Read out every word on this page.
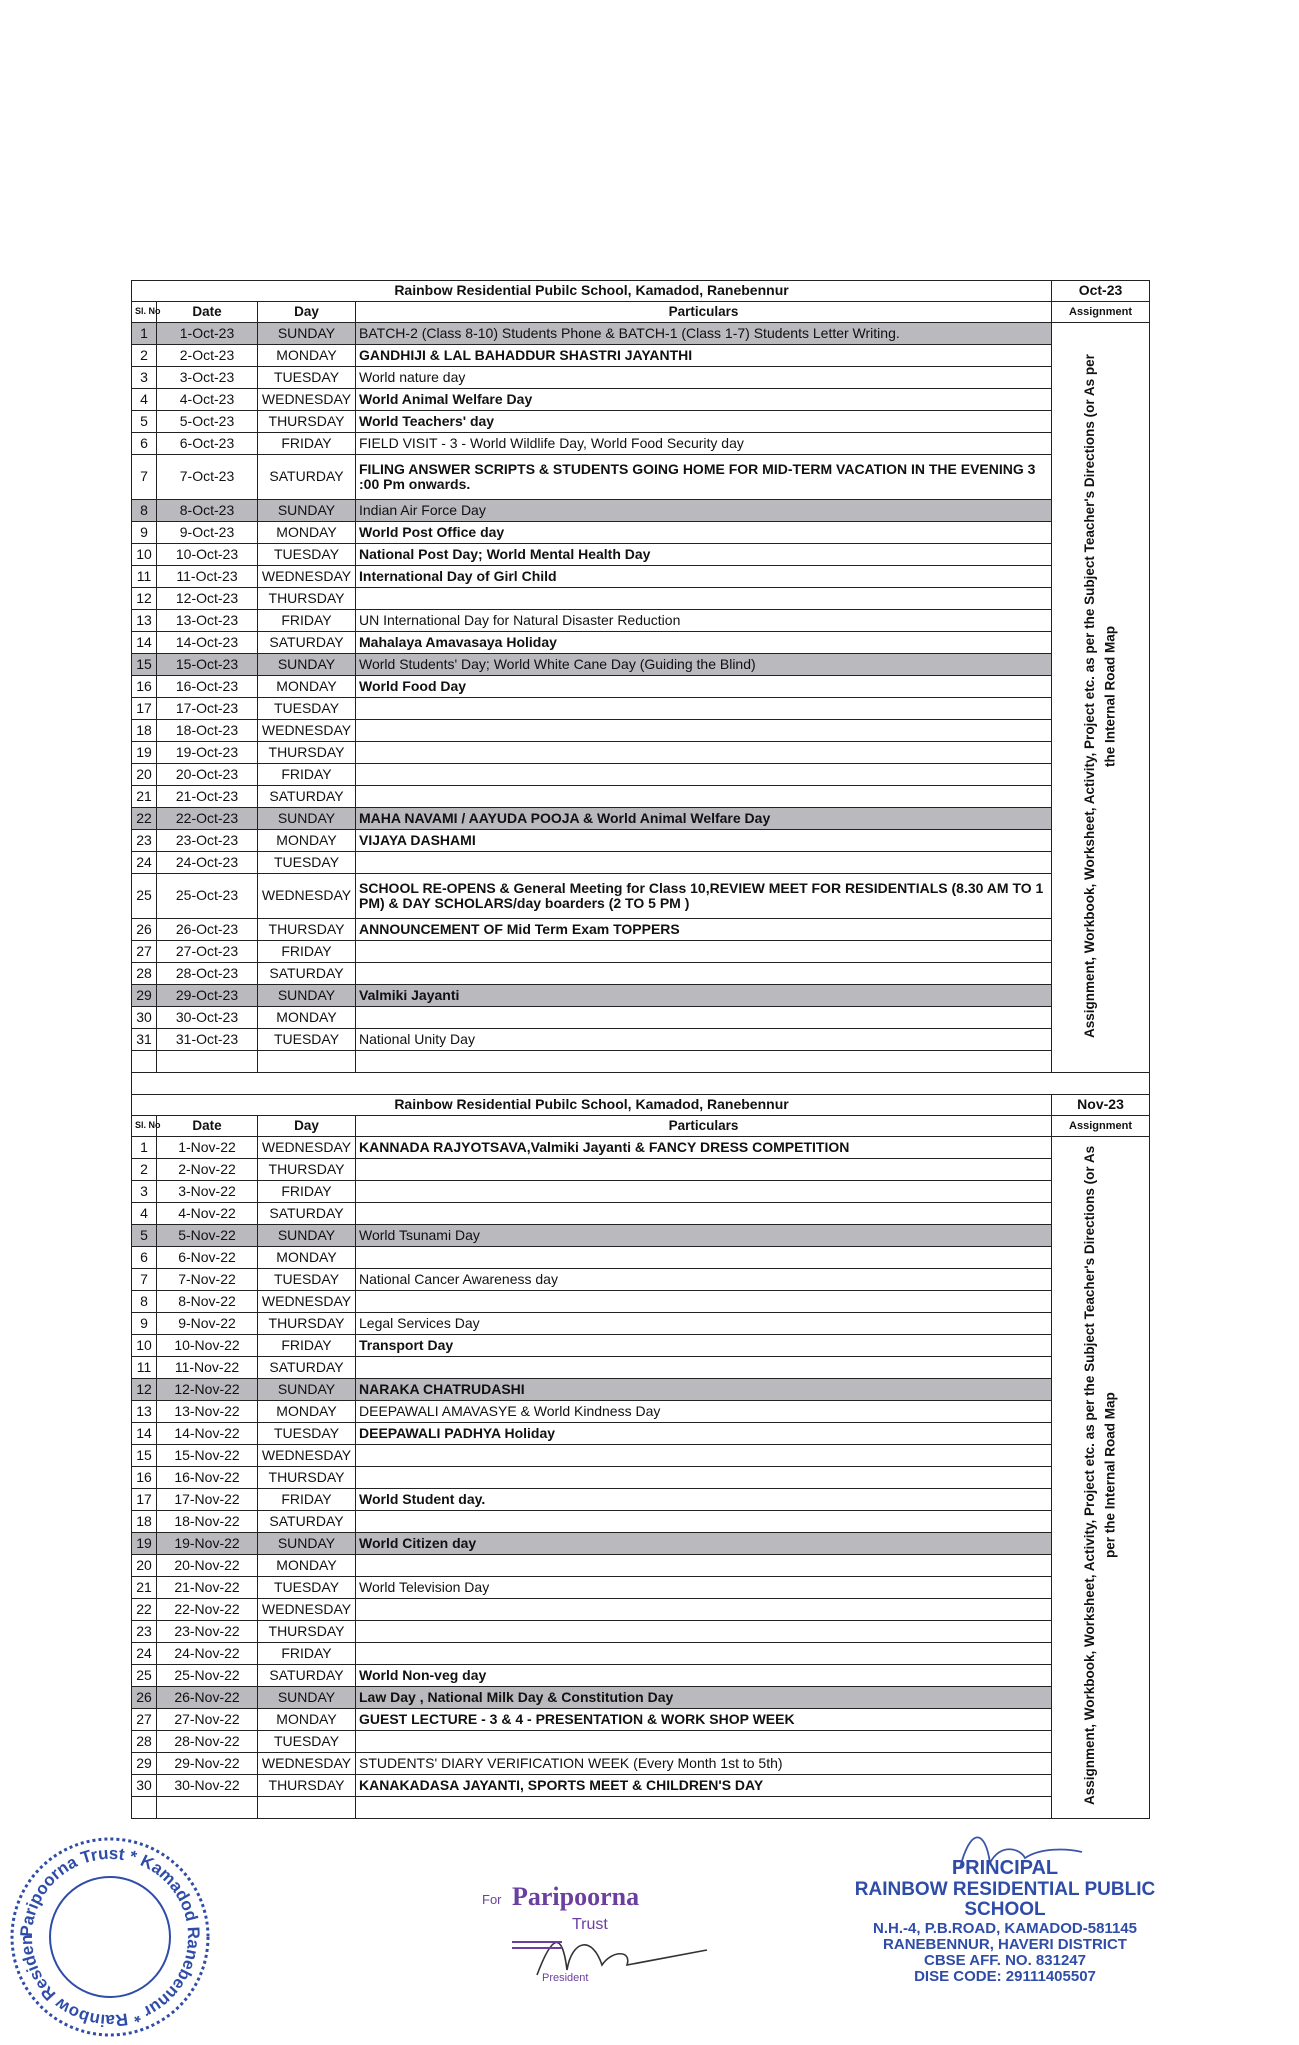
Rainbow Residential Pubilc School, Kamadod, Ranebennur				Oct-23
Sl. No	Date	Day	Particulars	Assignment
1	1-Oct-23	SUNDAY	BATCH-2 (Class 8-10) Students Phone & BATCH-1 (Class 1-7) Students Letter Writing.	Assignment, Workbook, Worksheet, Activity, Project etc. as per the Subject Teacher's Directions (or As per the Internal Road Map
2	2-Oct-23	MONDAY	GANDHIJI & LAL BAHADDUR SHASTRI JAYANTHI	
3	3-Oct-23	TUESDAY	World nature day	
4	4-Oct-23	WEDNESDAY	World Animal Welfare Day	
5	5-Oct-23	THURSDAY	World Teachers' day	
6	6-Oct-23	FRIDAY	FIELD VISIT - 3 - World Wildlife Day, World Food Security day	
7	7-Oct-23	SATURDAY	FILING ANSWER SCRIPTS & STUDENTS GOING HOME FOR MID-TERM VACATION IN THE EVENING 3 :00 Pm onwards.	
8	8-Oct-23	SUNDAY	Indian Air Force Day	
9	9-Oct-23	MONDAY	World Post Office day	
10	10-Oct-23	TUESDAY	National Post Day; World Mental Health Day	
11	11-Oct-23	WEDNESDAY	International Day of Girl Child	
12	12-Oct-23	THURSDAY		
13	13-Oct-23	FRIDAY	UN International Day for Natural Disaster Reduction	
14	14-Oct-23	SATURDAY	Mahalaya Amavasaya Holiday	
15	15-Oct-23	SUNDAY	World Students' Day; World White Cane Day (Guiding the Blind)	
16	16-Oct-23	MONDAY	World Food Day	
17	17-Oct-23	TUESDAY		
18	18-Oct-23	WEDNESDAY		
19	19-Oct-23	THURSDAY		
20	20-Oct-23	FRIDAY		
21	21-Oct-23	SATURDAY		
22	22-Oct-23	SUNDAY	MAHA NAVAMI / AAYUDA POOJA & World Animal Welfare Day	
23	23-Oct-23	MONDAY	VIJAYA DASHAMI	
24	24-Oct-23	TUESDAY		
25	25-Oct-23	WEDNESDAY	SCHOOL RE-OPENS & General Meeting for Class 10,REVIEW MEET FOR RESIDENTIALS (8.30 AM TO 1 PM) & DAY SCHOLARS/day boarders (2 TO 5 PM )	
26	26-Oct-23	THURSDAY	ANNOUNCEMENT OF Mid Term Exam TOPPERS	
27	27-Oct-23	FRIDAY		
28	28-Oct-23	SATURDAY		
29	29-Oct-23	SUNDAY	Valmiki Jayanti	
30	30-Oct-23	MONDAY		
31	31-Oct-23	TUESDAY	National Unity Day	

Rainbow Residential Pubilc School, Kamadod, Ranebennur				Nov-23
Sl. No	Date	Day	Particulars	Assignment
1	1-Nov-22	WEDNESDAY	KANNADA RAJYOTSAVA,Valmiki Jayanti & FANCY DRESS COMPETITION	Assignment, Workbook, Worksheet, Activity, Project etc. as per the Subject Teacher's Directions (or As per the Internal Road Map
2	2-Nov-22	THURSDAY		
3	3-Nov-22	FRIDAY		
4	4-Nov-22	SATURDAY		
5	5-Nov-22	SUNDAY	World Tsunami Day	
6	6-Nov-22	MONDAY		
7	7-Nov-22	TUESDAY	National Cancer Awareness day	
8	8-Nov-22	WEDNESDAY		
9	9-Nov-22	THURSDAY	Legal Services Day	
10	10-Nov-22	FRIDAY	Transport Day	
11	11-Nov-22	SATURDAY		
12	12-Nov-22	SUNDAY	NARAKA CHATRUDASHI	
13	13-Nov-22	MONDAY	DEEPAWALI AMAVASYE & World Kindness Day	
14	14-Nov-22	TUESDAY	DEEPAWALI PADHYA Holiday	
15	15-Nov-22	WEDNESDAY		
16	16-Nov-22	THURSDAY		
17	17-Nov-22	FRIDAY	World Student day.	
18	18-Nov-22	SATURDAY		
19	19-Nov-22	SUNDAY	World Citizen day	
20	20-Nov-22	MONDAY		
21	21-Nov-22	TUESDAY	World Television Day	
22	22-Nov-22	WEDNESDAY		
23	23-Nov-22	THURSDAY		
24	24-Nov-22	FRIDAY		
25	25-Nov-22	SATURDAY	World Non-veg day	
26	26-Nov-22	SUNDAY	Law Day , National Milk Day & Constitution Day	
27	27-Nov-22	MONDAY	GUEST LECTURE - 3 & 4 - PRESENTATION & WORK SHOP WEEK	
28	28-Nov-22	TUESDAY		
29	29-Nov-22	WEDNESDAY	STUDENTS' DIARY VERIFICATION WEEK (Every Month 1st to 5th)	
30	30-Nov-22	THURSDAY	KANAKADASA JAYANTI, SPORTS MEET & CHILDREN'S DAY	

Paripoorna Trust * Kamadod Ranebennur * Rainbow Residen
For Paripoorna
Trust
President
PRINCIPAL
RAINBOW RESIDENTIAL PUBLIC SCHOOL
N.H.-4, P.B.ROAD, KAMADOD-581145
RANEBENNUR, HAVERI DISTRICT
CBSE AFF. NO. 831247
DISE CODE: 29111405507
